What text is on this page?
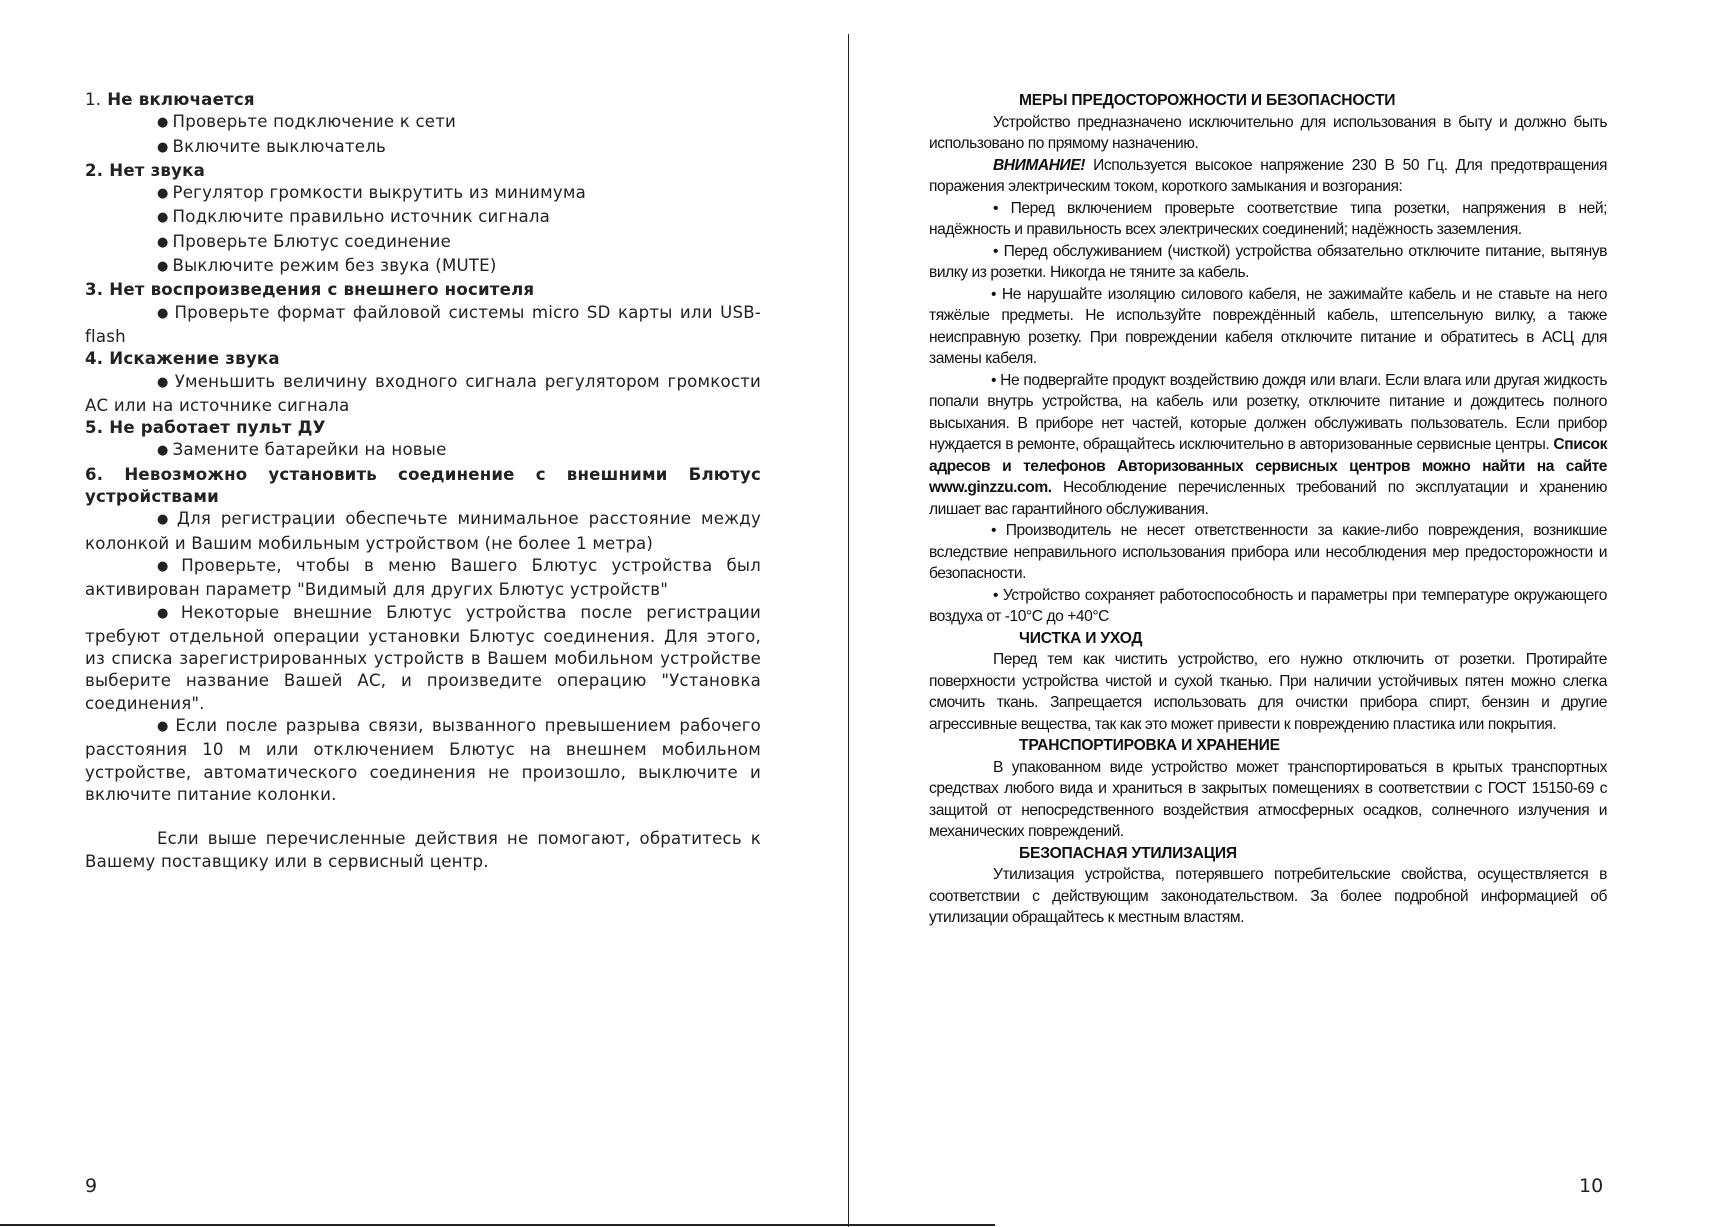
1. Не включается

● Проверьте подключение к сети

● Включите выключатель

2. Нет звука

● Регулятор громкости выкрутить из минимума

● Подключите правильно источник сигнала

● Проверьте Блютус соединение

● Выключите режим без звука (MUTE)

3. Нет воспроизведения с внешнего носителя

● Проверьте формат файловой системы micro SD карты или USB-flash

4. Искажение звука

● Уменьшить величину входного сигнала регулятором громкости АС или на источнике сигнала

5. Не работает пульт ДУ

● Замените батарейки на новые

6. Невозможно установить соединение с внешними Блютус устройствами

● Для регистрации обеспечьте минимальное расстояние между колонкой и Вашим мобильным устройством (не более 1 метра)

● Проверьте, чтобы в меню Вашего Блютус устройства был активирован параметр "Видимый для других Блютус устройств"

● Некоторые внешние Блютус устройства после регистрации требуют отдельной операции установки Блютус соединения. Для этого, из списка зарегистрированных устройств в Вашем мобильном устройстве выберите название Вашей АС, и произведите операцию "Установка соединения".

● Если после разрыва связи, вызванного превышением рабочего расстояния 10 м или отключением Блютус на внешнем мобильном устройстве, автоматического соединения не произошло, выключите и включите питание колонки.

Если выше перечисленные действия не помогают, обратитесь к Вашему поставщику или в сервисный центр.

МЕРЫ ПРЕДОСТОРОЖНОСТИ И БЕЗОПАСНОСТИ

Устройство предназначено исключительно для использования в быту и должно быть использовано по прямому назначению.

ВНИМАНИЕ! Используется высокое напряжение 230 В 50 Гц. Для предотвращения поражения электрическим током, короткого замыкания и возгорания:

• Перед включением проверьте соответствие типа розетки, напряжения в ней; надёжность и правильность всех электрических соединений; надёжность заземления.

• Перед обслуживанием (чисткой) устройства обязательно отключите питание, вытянув вилку из розетки. Никогда не тяните за кабель.

• Не нарушайте изоляцию силового кабеля, не зажимайте кабель и не ставьте на него тяжёлые предметы. Не используйте повреждённый кабель, штепсельную вилку, а также неисправную розетку. При повреждении кабеля отключите питание и обратитесь в АСЦ для замены кабеля.

• Не подвергайте продукт воздействию дождя или влаги. Если влага или другая жидкость попали внутрь устройства, на кабель или розетку, отключите питание и дождитесь полного высыхания. В приборе нет частей, которые должен обслуживать пользователь. Если прибор нуждается в ремонте, обращайтесь исключительно в авторизованные сервисные центры. Список адресов и телефонов Авторизованных сервисных центров можно найти на сайте www.ginzzu.com. Несоблюдение перечисленных требований по эксплуатации и хранению лишает вас гарантийного обслуживания.

• Производитель не несет ответственности за какие-либо повреждения, возникшие вследствие неправильного использования прибора или несоблюдения мер предосторожности и безопасности.

• Устройство сохраняет работоспособность и параметры при температуре окружающего воздуха от -10°C до +40°C

ЧИСТКА И УХОД

Перед тем как чистить устройство, его нужно отключить от розетки. Протирайте поверхности устройства чистой и сухой тканью. При наличии устойчивых пятен можно слегка смочить ткань. Запрещается использовать для очистки прибора спирт, бензин и другие агрессивные вещества, так как это может привести к повреждению пластика или покрытия.

ТРАНСПОРТИРОВКА И ХРАНЕНИЕ

В упакованном виде устройство может транспортироваться в крытых транспортных средствах любого вида и храниться в закрытых помещениях в соответствии с ГОСТ 15150-69 с защитой от непосредственного воздействия атмосферных осадков, солнечного излучения и механических повреждений.

БЕЗОПАСНАЯ УТИЛИЗАЦИЯ

Утилизация устройства, потерявшего потребительские свойства, осуществляется в соответствии с действующим законодательством. За более подробной информацией об утилизации обращайтесь к местным властям.

9	10
